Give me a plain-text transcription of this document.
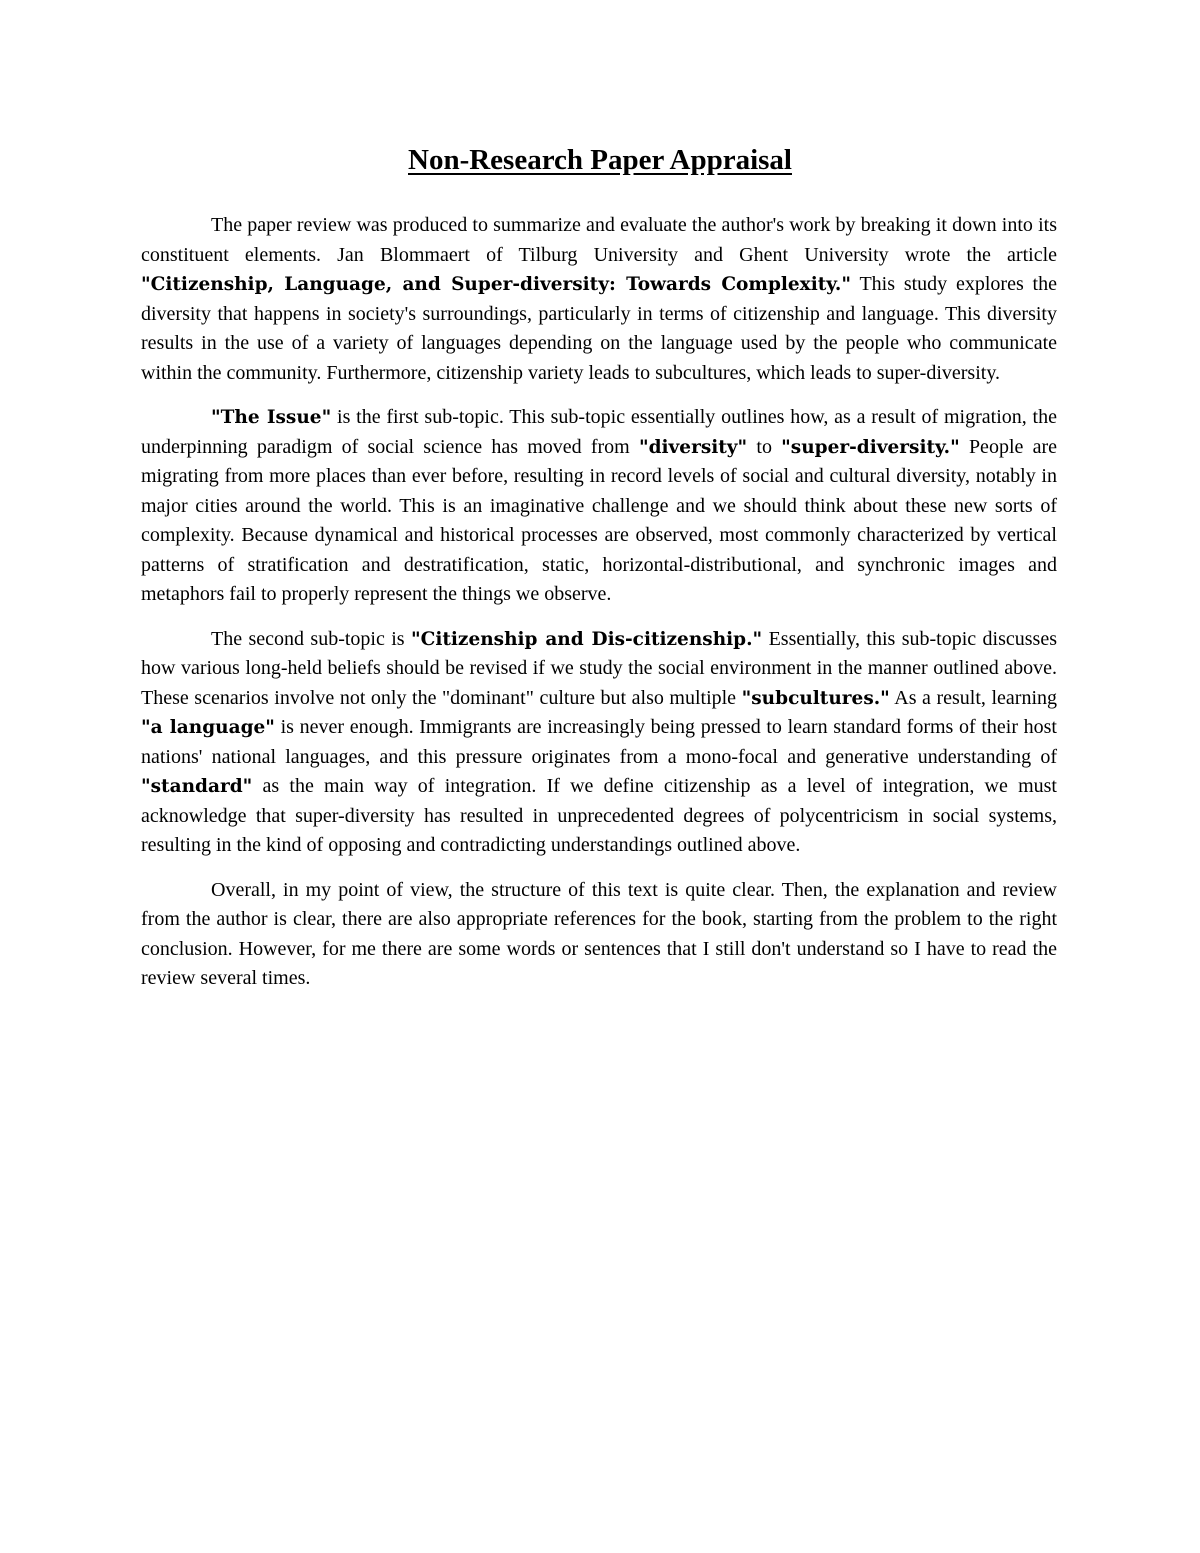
Non-Research Paper Appraisal

The paper review was produced to summarize and evaluate the author's work by breaking it down into its constituent elements. Jan Blommaert of Tilburg University and Ghent University wrote the article "Citizenship, Language, and Super-diversity: Towards Complexity." This study explores the diversity that happens in society's surroundings, particularly in terms of citizenship and language. This diversity results in the use of a variety of languages depending on the language used by the people who communicate within the community. Furthermore, citizenship variety leads to subcultures, which leads to super-diversity.

"The Issue" is the first sub-topic. This sub-topic essentially outlines how, as a result of migration, the underpinning paradigm of social science has moved from "diversity" to "super-diversity." People are migrating from more places than ever before, resulting in record levels of social and cultural diversity, notably in major cities around the world. This is an imaginative challenge and we should think about these new sorts of complexity. Because dynamical and historical processes are observed, most commonly characterized by vertical patterns of stratification and destratification, static, horizontal-distributional, and synchronic images and metaphors fail to properly represent the things we observe.

The second sub-topic is "Citizenship and Dis-citizenship." Essentially, this sub-topic discusses how various long-held beliefs should be revised if we study the social environment in the manner outlined above. These scenarios involve not only the "dominant" culture but also multiple "subcultures." As a result, learning "a language" is never enough. Immigrants are increasingly being pressed to learn standard forms of their host nations' national languages, and this pressure originates from a mono-focal and generative understanding of "standard" as the main way of integration. If we define citizenship as a level of integration, we must acknowledge that super-diversity has resulted in unprecedented degrees of polycentricism in social systems, resulting in the kind of opposing and contradicting understandings outlined above.

Overall, in my point of view, the structure of this text is quite clear. Then, the explanation and review from the author is clear, there are also appropriate references for the book, starting from the problem to the right conclusion. However, for me there are some words or sentences that I still don't understand so I have to read the review several times.
